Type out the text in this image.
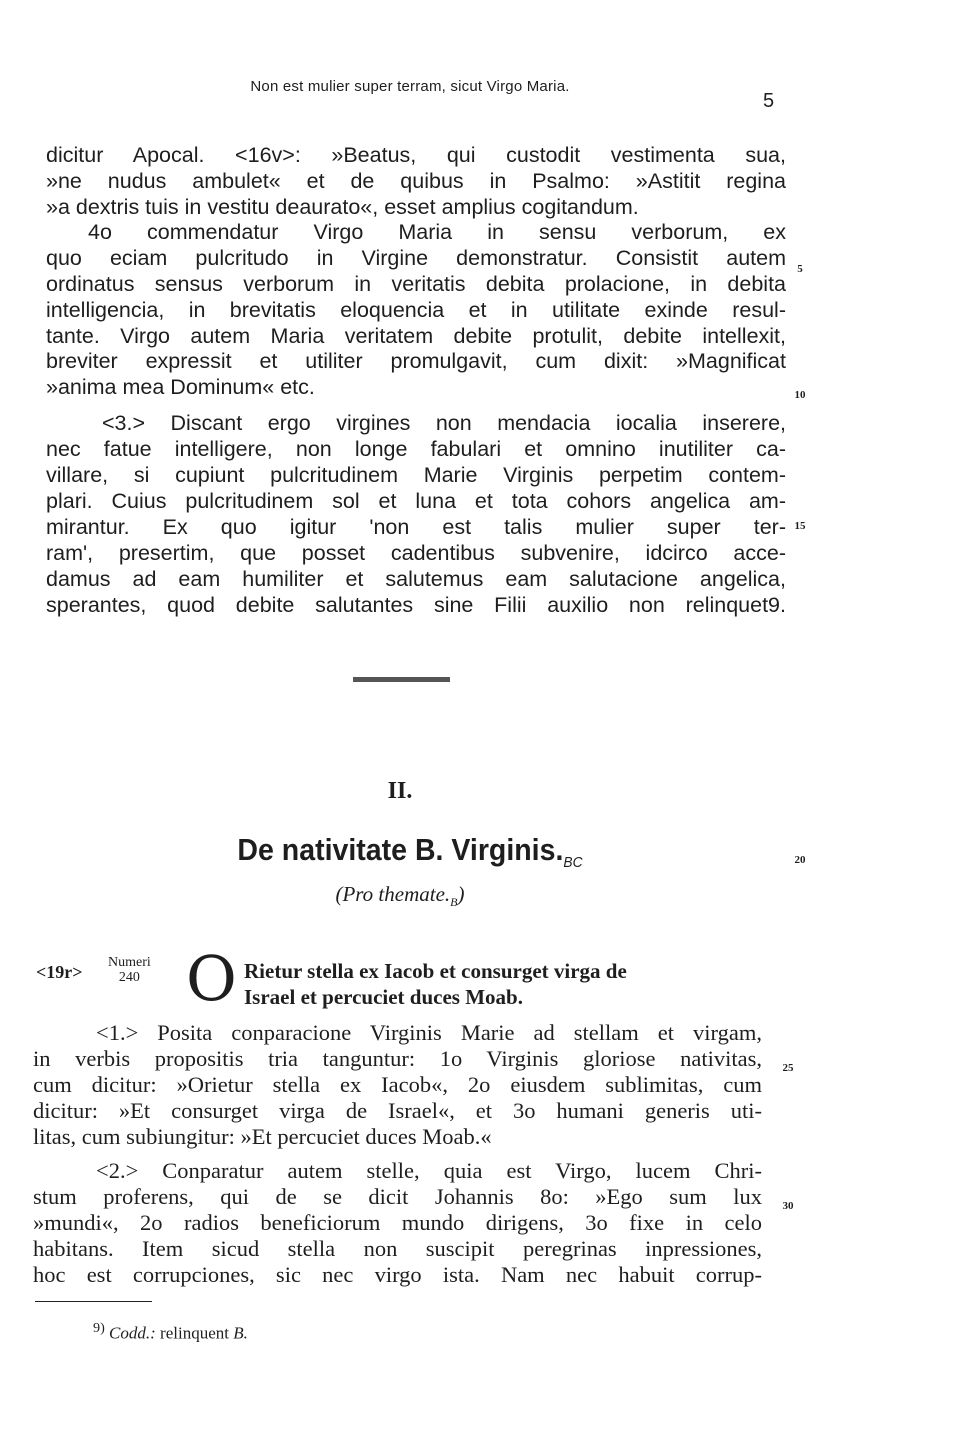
Non est mulier super terram, sicut Virgo Maria.
5
dicitur Apocal. <16v>: »Beatus, qui custodit vestimenta sua,
»ne nudus ambulet« et de quibus in Psalmo: »Astitit regina
»a dextris tuis in vestitu deaurato«, esset amplius cogitandum.
4o commendatur Virgo Maria in sensu verborum, ex
quo eciam pulcritudo in Virgine demonstratur. Consistit autem
ordinatus sensus verborum in veritatis debita prolacione, in debita
intelligencia, in brevitatis eloquencia et in utilitate exinde resul-
tante. Virgo autem Maria veritatem debite protulit, debite intellexit,
breviter expressit et utiliter promulgavit, cum dixit: »Magnificat
»anima mea Dominum« etc.
<3.> Discant ergo virgines non mendacia iocalia inserere,
nec fatue intelligere, non longe fabulari et omnino inutiliter ca-
villare, si cupiunt pulcritudinem Marie Virginis perpetim contem-
plari. Cuius pulcritudinem sol et luna et tota cohors angelica am-
mirantur. Ex quo igitur 'non est talis mulier super ter-
ram', presertim, que posset cadentibus subvenire, idcirco acce-
damus ad eam humiliter et salutemus eam salutacione angelica,
sperantes, quod debite salutantes sine Filii auxilio non relinquet9.
5
10
15
II.
De nativitate B. $Virginis._{BC}$	20
(Pro $themate._B$)
<19r> Numeri
240 O Rietur stella ex Iacob et consurget virga de
Israel et percuciet duces Moab.
<1.> Posita conparacione Virginis Marie ad stellam et virgam,
in verbis propositis tria tanguntur: 1o Virginis gloriose nativitas,
cum dicitur: »Orietur stella ex Iacob«, 2o eiusdem sublimitas, cum
dicitur: »Et consurget virga de Israel«, et 3o humani generis uti-
litas, cum subiungitur: »Et percuciet duces Moab.«
<2.> Conparatur autem stelle, quia est Virgo, lucem Chri-
stum proferens, qui de se dicit Johannis 8o: »Ego sum lux
»mundi«, 2o radios beneficiorum mundo dirigens, 3o fixe in celo
habitans. Item sicud stella non suscipit peregrinas inpressiones,
hoc est corrupciones, sic nec virgo ista. Nam nec habuit corrup-
25
30
$^{9)}$ Codd.: relinquent B.
